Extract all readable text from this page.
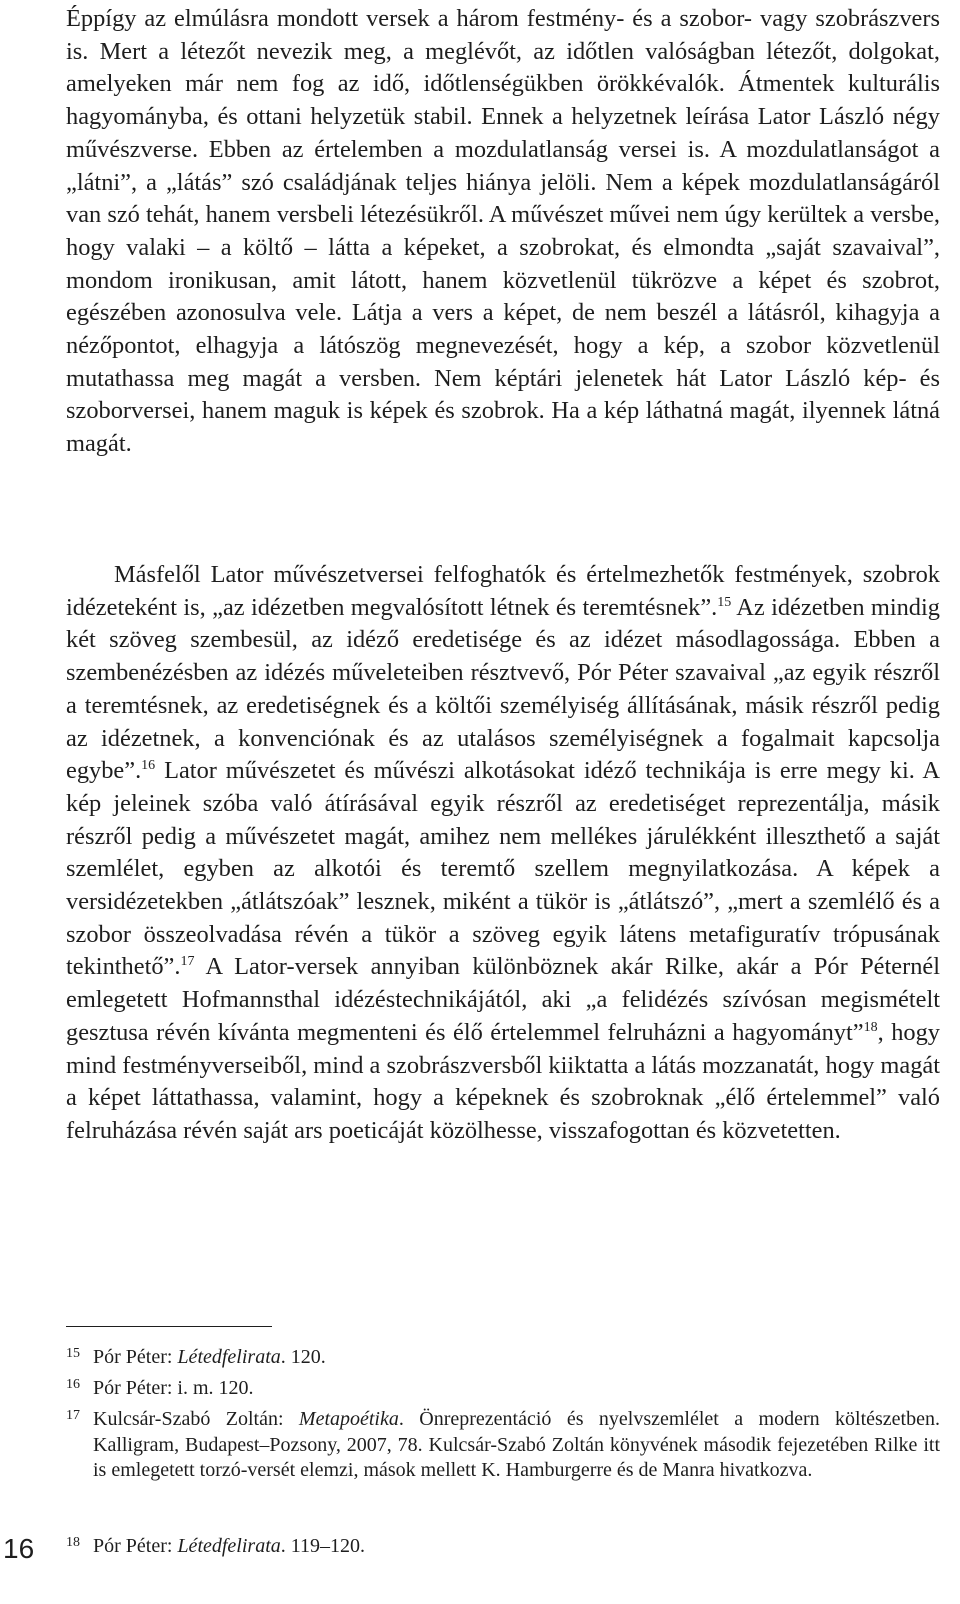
Éppígy az elmúlásra mondott versek a három festmény- és a szobor- vagy szobrászvers is. Mert a létezőt nevezik meg, a meglévőt, az időtlen valóságban létezőt, dolgokat, amelyeken már nem fog az idő, időtlenségükben örökkévalók. Átmentek kulturális hagyományba, és ottani helyzetük stabil. Ennek a helyzetnek leírása Lator László négy művészverse. Ebben az értelemben a mozdulatlanság versei is. A mozdulatlanságot a „látni”, a „látás” szó családjának teljes hiánya jelöli. Nem a képek mozdulatlanságáról van szó tehát, hanem versbeli létezésükről. A művészet művei nem úgy kerültek a versbe, hogy valaki – a költő – látta a képeket, a szobrokat, és elmondta „saját szavaival”, mondom ironikusan, amit látott, hanem közvetlenül tükrözve a képet és szobrot, egészében azonosulva vele. Látja a vers a képet, de nem beszél a látásról, kihagyja a nézőpontot, elhagyja a látószög megnevezését, hogy a kép, a szobor közvetlenül mutathassa meg magát a versben. Nem képtári jelenetek hát Lator László kép- és szoborversei, hanem maguk is képek és szobrok. Ha a kép láthatná magát, ilyennek látná magát.

Másfelől Lator művészetversei felfoghatók és értelmezhetők festmények, szobrok idézeteként is, „az idézetben megvalósított létnek és teremtésnek”.$^{15}$ Az idézetben mindig két szöveg szembesül, az idéző eredetisége és az idézet másodlagossága. Ebben a szembenézésben az idézés műveleteiben résztvevő, Pór Péter szavaival „az egyik részről a teremtésnek, az eredetiségnek és a költői személyiség állításának, másik részről pedig az idézetnek, a konvenciónak és az utalásos személyiségnek a fogalmait kapcsolja egybe”.$^{16}$ Lator művészetet és művészi alkotásokat idéző technikája is erre megy ki. A kép jeleinek szóba való átírásával egyik részről az eredetiséget reprezentálja, másik részről pedig a művészetet magát, amihez nem mellékes járulékként illeszthető a saját szemlélet, egyben az alkotói és teremtő szellem megnyilatkozása. A képek a versidézetekben „átlátszóak” lesznek, miként a tükör is „átlátszó”, „mert a szemlélő és a szobor összeolvadása révén a tükör a szöveg egyik látens metafiguratív trópusának tekinthető”.$^{17}$ A Lator-versek annyiban különböznek akár Rilke, akár a Pór Péternél emlegetett Hofmannsthal idézéstechnikájától, aki „a felidézés szívósan megismételt gesztusa révén kívánta megmenteni és élő értelemmel felruházni a hagyományt”$^{18}$, hogy mind festményverseiből, mind a szobrászversből kiiktatta a látás mozzanatát, hogy magát a képet láttathassa, valamint, hogy a képeknek és szobroknak „élő értelemmel” való felruházása révén saját ars poeticáját közölhesse, visszafogottan és közvetetten.

15 Pór Péter: Létedfelirata. 120.

16 Pór Péter: i. m. 120.

17 Kulcsár-Szabó Zoltán: Metapoétika. Önreprezentáció és nyelvszemlélet a modern költészetben. Kalligram, Budapest–Pozsony, 2007, 78. Kulcsár-Szabó Zoltán könyvének második fejezetében Rilke itt is emlegetett torzó-versét elemzi, mások mellett K. Hamburgerre és de Manra hivatkozva.

18 Pór Péter: Létedfelirata. 119–120.

16
